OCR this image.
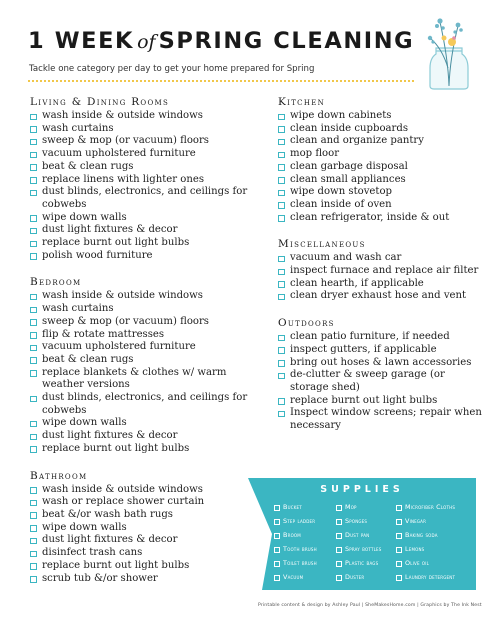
1 WEEK of SPRING CLEANING
Tackle one category per day to get your home prepared for Spring
Living & Dining Rooms
wash inside & outside windows
wash curtains
sweep & mop (or vacuum) floors
vacuum upholstered furniture
beat & clean rugs
replace linens with lighter ones
dust blinds, electronics, and ceilings for cobwebs
wipe down walls
dust light fixtures & decor
replace burnt out light bulbs
polish wood furniture
Bedroom
wash inside & outside windows
wash curtains
sweep & mop (or vacuum) floors
flip & rotate mattresses
vacuum upholstered furniture
beat & clean rugs
replace blankets & clothes w/ warm weather versions
dust blinds, electronics, and ceilings for cobwebs
wipe down walls
dust light fixtures & decor
replace burnt out light bulbs
Bathroom
wash inside & outside windows
wash or replace shower curtain
beat &/or wash bath rugs
wipe down walls
dust light fixtures & decor
disinfect trash cans
replace burnt out light bulbs
scrub tub &/or shower
Kitchen
wipe down cabinets
clean inside cupboards
clean and organize pantry
mop floor
clean garbage disposal
clean small appliances
wipe down stovetop
clean inside of oven
clean refrigerator, inside & out
Miscellaneous
vacuum and wash car
inspect furnace and replace air filter
clean hearth, if applicable
clean dryer exhaust hose and vent
Outdoors
clean patio furniture, if needed
inspect gutters, if applicable
bring out hoses & lawn accessories
de-clutter & sweep garage (or storage shed)
replace burnt out light bulbs
Inspect window screens; repair when necessary
SUPPLIES
Bucket	Mop	Microfiber Cloths
Step ladder	Sponges	Vinegar
Broom	Dust pan	Baking soda
Tooth brush	Spray bottles	Lemons
Toilet brush	Plastic bags	Olive oil
Vacuum	Duster	Laundry detergent
Printable content & design by Ashley Paul | SheMakesHome.com | Graphics by The Ink Nest
